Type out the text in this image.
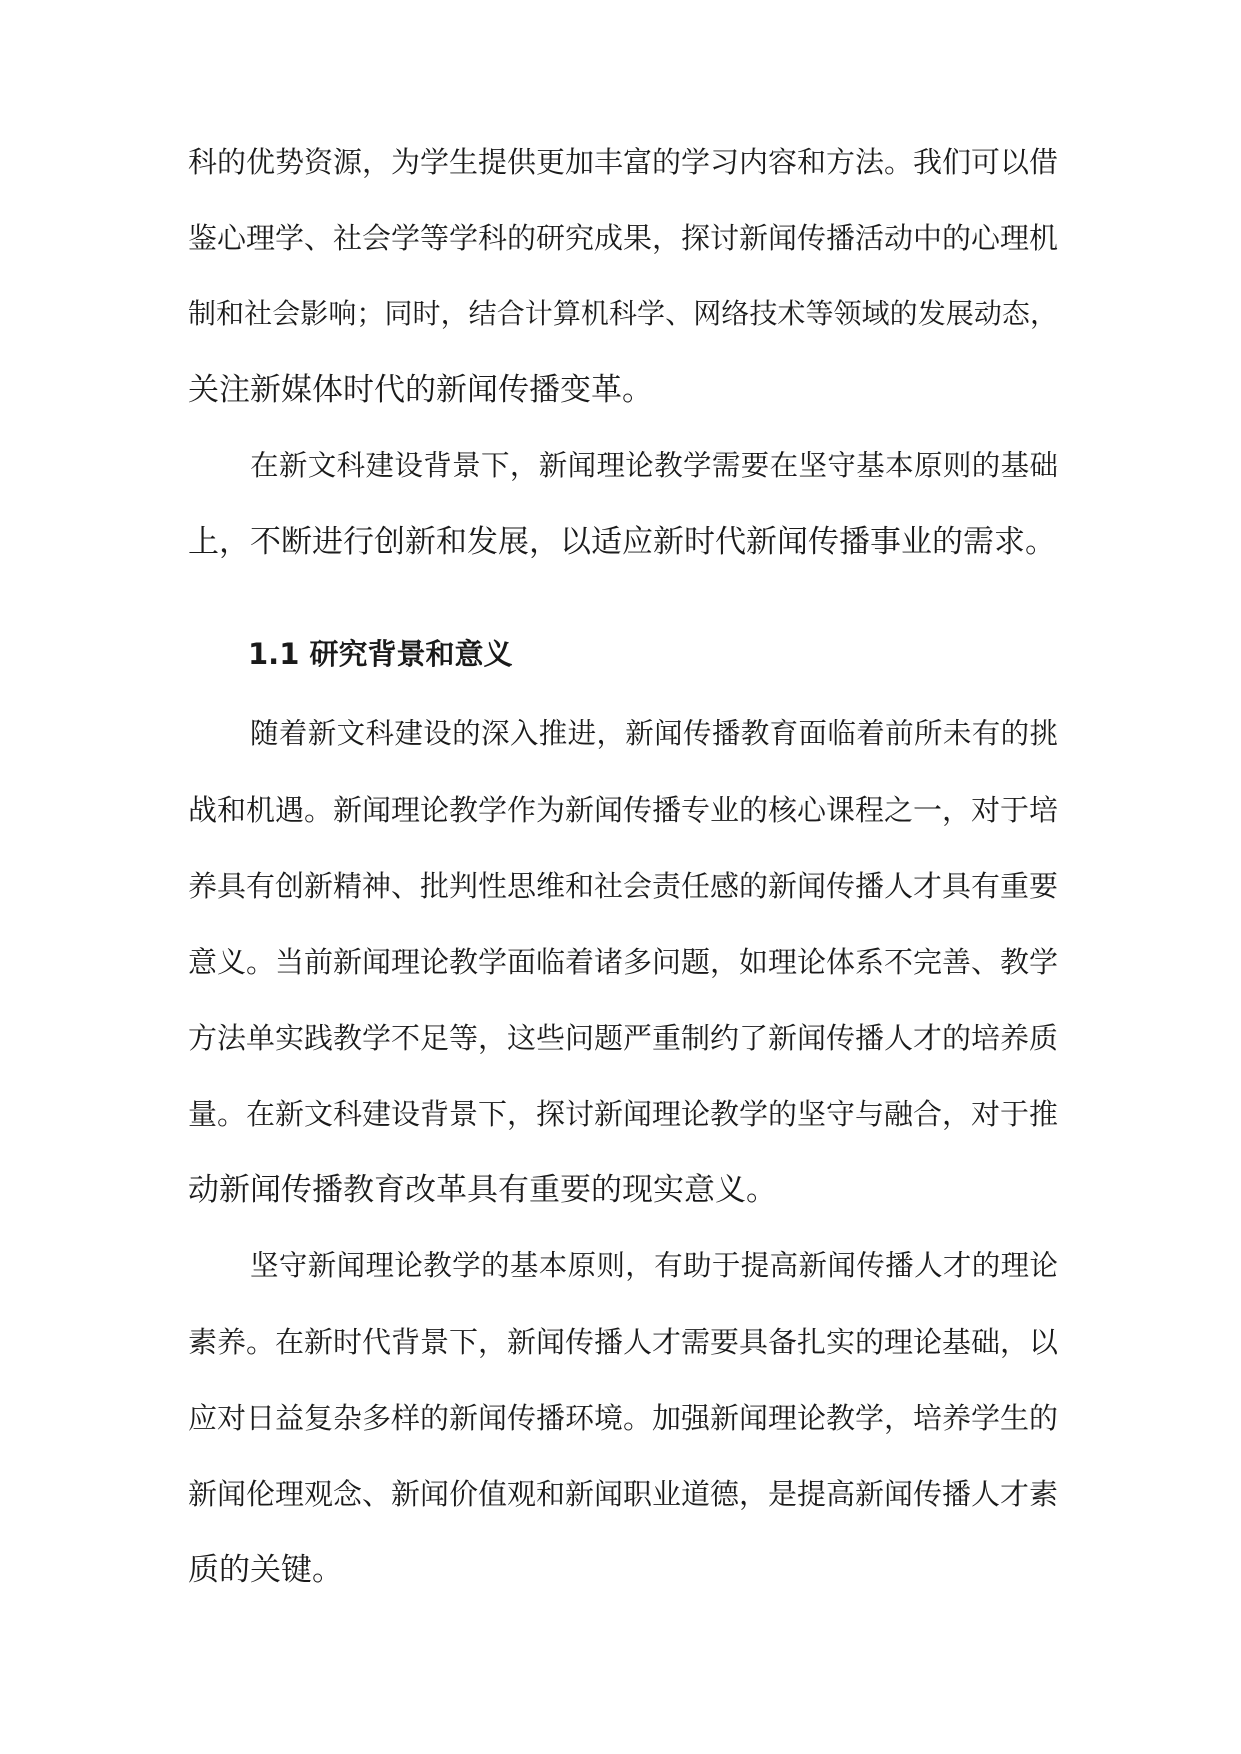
科的优势资源，为学生提供更加丰富的学习内容和方法。我们可以借
鉴心理学、社会学等学科的研究成果，探讨新闻传播活动中的心理机
制和社会影响；同时，结合计算机科学、网络技术等领域的发展动态，
关注新媒体时代的新闻传播变革。
在新文科建设背景下，新闻理论教学需要在坚守基本原则的基础
上，不断进行创新和发展，以适应新时代新闻传播事业的需求。
1.1 研究背景和意义
随着新文科建设的深入推进，新闻传播教育面临着前所未有的挑
战和机遇。新闻理论教学作为新闻传播专业的核心课程之一，对于培
养具有创新精神、批判性思维和社会责任感的新闻传播人才具有重要
意义。当前新闻理论教学面临着诸多问题，如理论体系不完善、教学
方法单实践教学不足等，这些问题严重制约了新闻传播人才的培养质
量。在新文科建设背景下，探讨新闻理论教学的坚守与融合，对于推
动新闻传播教育改革具有重要的现实意义。
坚守新闻理论教学的基本原则，有助于提高新闻传播人才的理论
素养。在新时代背景下，新闻传播人才需要具备扎实的理论基础，以
应对日益复杂多样的新闻传播环境。加强新闻理论教学，培养学生的
新闻伦理观念、新闻价值观和新闻职业道德，是提高新闻传播人才素
质的关键。
